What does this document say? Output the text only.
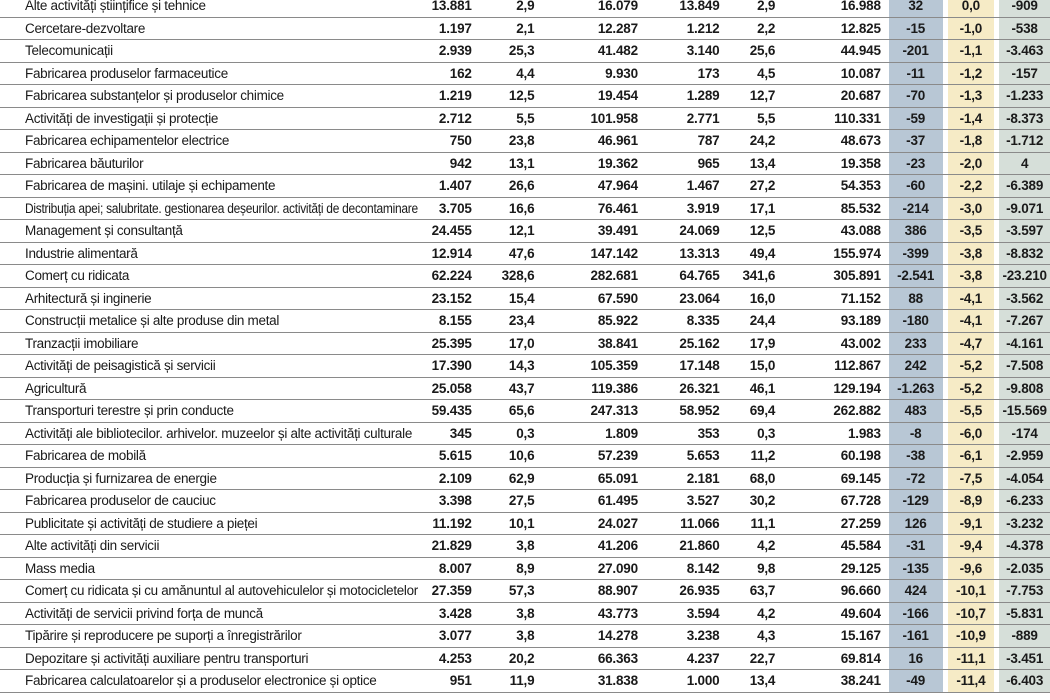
Alte activități științifice și tehnice	13.881	2,9	16.079	13.849	2,9	16.988	32	0,0	-909
Cercetare-dezvoltare	1.197	2,1	12.287	1.212	2,2	12.825	-15	-1,0	-538
Telecomunicații	2.939	25,3	41.482	3.140	25,6	44.945	-201	-1,1	-3.463
Fabricarea produselor farmaceutice	162	4,4	9.930	173	4,5	10.087	-11	-1,2	-157
Fabricarea substanțelor și produselor chimice	1.219	12,5	19.454	1.289	12,7	20.687	-70	-1,3	-1.233
Activități de investigații și protecție	2.712	5,5	101.958	2.771	5,5	110.331	-59	-1,4	-8.373
Fabricarea echipamentelor electrice	750	23,8	46.961	787	24,2	48.673	-37	-1,8	-1.712
Fabricarea băuturilor	942	13,1	19.362	965	13,4	19.358	-23	-2,0	4
Fabricarea de mașini. utilaje și echipamente	1.407	26,6	47.964	1.467	27,2	54.353	-60	-2,2	-6.389
Distribuția apei; salubritate. gestionarea deșeurilor. activități de decontaminare	3.705	16,6	76.461	3.919	17,1	85.532	-214	-3,0	-9.071
Management și consultanță	24.455	12,1	39.491	24.069	12,5	43.088	386	-3,5	-3.597
Industrie alimentară	12.914	47,6	147.142	13.313	49,4	155.974	-399	-3,8	-8.832
Comerț cu ridicata	62.224	328,6	282.681	64.765	341,6	305.891	-2.541	-3,8	-23.210
Arhitectură și inginerie	23.152	15,4	67.590	23.064	16,0	71.152	88	-4,1	-3.562
Construcții metalice și alte produse din metal	8.155	23,4	85.922	8.335	24,4	93.189	-180	-4,1	-7.267
Tranzacții imobiliare	25.395	17,0	38.841	25.162	17,9	43.002	233	-4,7	-4.161
Activități de peisagistică și servicii	17.390	14,3	105.359	17.148	15,0	112.867	242	-5,2	-7.508
Agricultură	25.058	43,7	119.386	26.321	46,1	129.194	-1.263	-5,2	-9.808
Transporturi terestre și prin conducte	59.435	65,6	247.313	58.952	69,4	262.882	483	-5,5	-15.569
Activități ale bibliotecilor. arhivelor. muzeelor și alte activități culturale	345	0,3	1.809	353	0,3	1.983	-8	-6,0	-174
Fabricarea de mobilă	5.615	10,6	57.239	5.653	11,2	60.198	-38	-6,1	-2.959
Producția și furnizarea de energie	2.109	62,9	65.091	2.181	68,0	69.145	-72	-7,5	-4.054
Fabricarea produselor de cauciuc	3.398	27,5	61.495	3.527	30,2	67.728	-129	-8,9	-6.233
Publicitate și activități de studiere a pieței	11.192	10,1	24.027	11.066	11,1	27.259	126	-9,1	-3.232
Alte activități din servicii	21.829	3,8	41.206	21.860	4,2	45.584	-31	-9,4	-4.378
Mass media	8.007	8,9	27.090	8.142	9,8	29.125	-135	-9,6	-2.035
Comerț cu ridicata și cu amănuntul al autovehiculelor și motocicletelor	27.359	57,3	88.907	26.935	63,7	96.660	424	-10,1	-7.753
Activități de servicii privind forța de muncă	3.428	3,8	43.773	3.594	4,2	49.604	-166	-10,7	-5.831
Tipărire și reproducere pe suporți a înregistrărilor	3.077	3,8	14.278	3.238	4,3	15.167	-161	-10,9	-889
Depozitare și activități auxiliare pentru transporturi	4.253	20,2	66.363	4.237	22,7	69.814	16	-11,1	-3.451
Fabricarea calculatoarelor și a produselor electronice și optice	951	11,9	31.838	1.000	13,4	38.241	-49	-11,4	-6.403
